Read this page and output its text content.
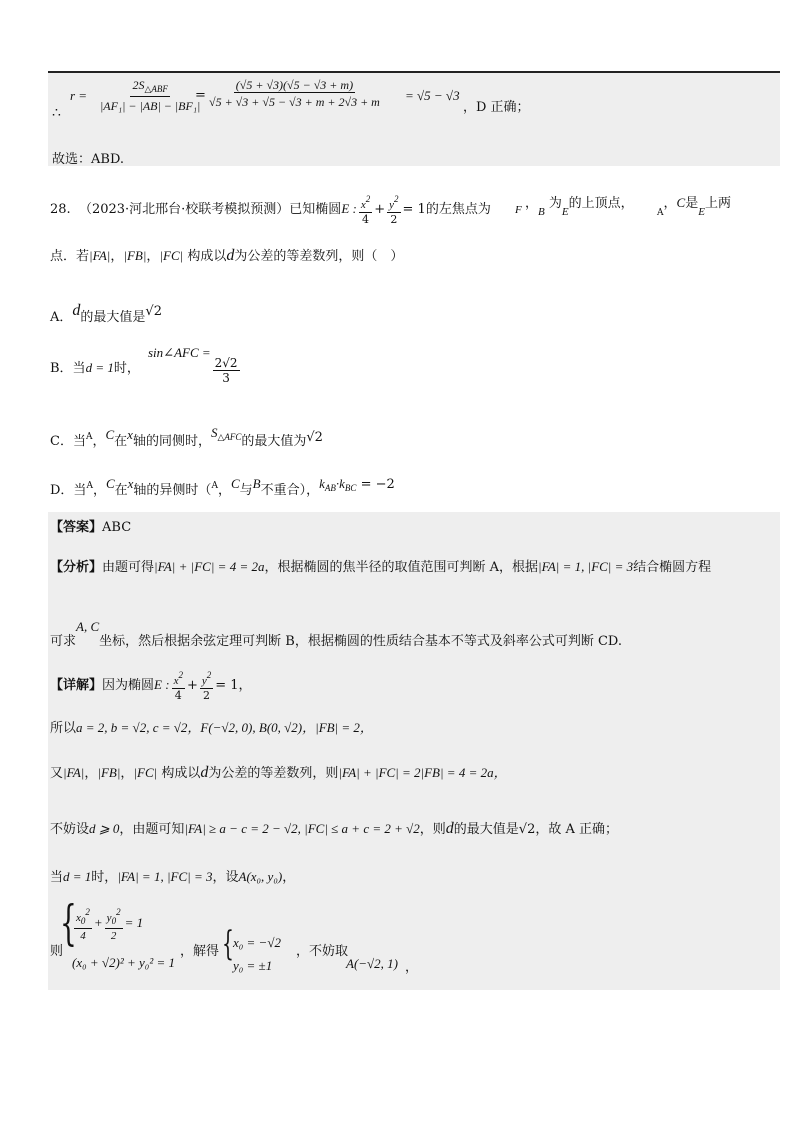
∴
$r = \frac{2S_{\triangle ABF}}{\text{|AF₁| − |AB| − |BF₁|}}$
= $\frac{(√5 + √3)(√5 - √3 + m)}{√5 + √3 + √5 - √3 + m + 2√3 + m} = √5 - √3$
，D 正确；
故选：ABD.
28. （2023·河北邢台·校联考模拟预测）已知椭圆E : $\frac{x^2}{4} + \frac{y^2}{2} = 1$的左焦点为 F ，$_B$ 为$_E$的上顶点，
$_A$，C是$_E$上两
点．若|FA|，|FB|，|FC| 构成以d为公差的等差数列，则（　）
A．d的最大值是√2
B．当d = 1时，
sin∠AFC =
$\frac{2√2}{3}$
C．当$^A$，C在x轴的同侧时，$S_{\triangle AFC}$的最大值为√2
D．当$^A$，C在x轴的异侧时（$^A$，C与B不重合），$k_{AB}\cdot k_{BC} = -2$
【答案】ABC
【分析】由题可得|FA| + |FC| = 4 = 2a，根据椭圆的焦半径的取值范围可判断 A，根据|FA| = 1, |FC| = 3结合椭圆方程
可求A, C坐标，然后根据余弦定理可判断 B，根据椭圆的性质结合基本不等式及斜率公式可判断 CD.
【详解】因为椭圆E : $\frac{x^2}{4} + \frac{y^2}{2} = 1$，
所以a = 2, b = √2, c = √2，F(−√2, 0), B(0, √2)，|FB| = 2，
又|FA|，|FB|，|FC| 构成以d为公差的等差数列，则|FA| + |FC| = 2|FB| = 4 = 2a，
不妨设d ⩾ 0，由题可知|FA| ≥ a − c = 2 − √2, |FC| ≤ a + c = 2 + √2，则d的最大值是√2，故 A 正确；
当d = 1时，|FA| = 1, |FC| = 3，设A(x₀, y₀)，
则
{
$\frac{x_0^2}{4} + \frac{y_0^2}{2} = 1$
(x₀ + √2)² + y₀² = 1
，解得 { x₀ = −√2
y₀ = ±1
，不妨取
A(−√2, 1) ，
